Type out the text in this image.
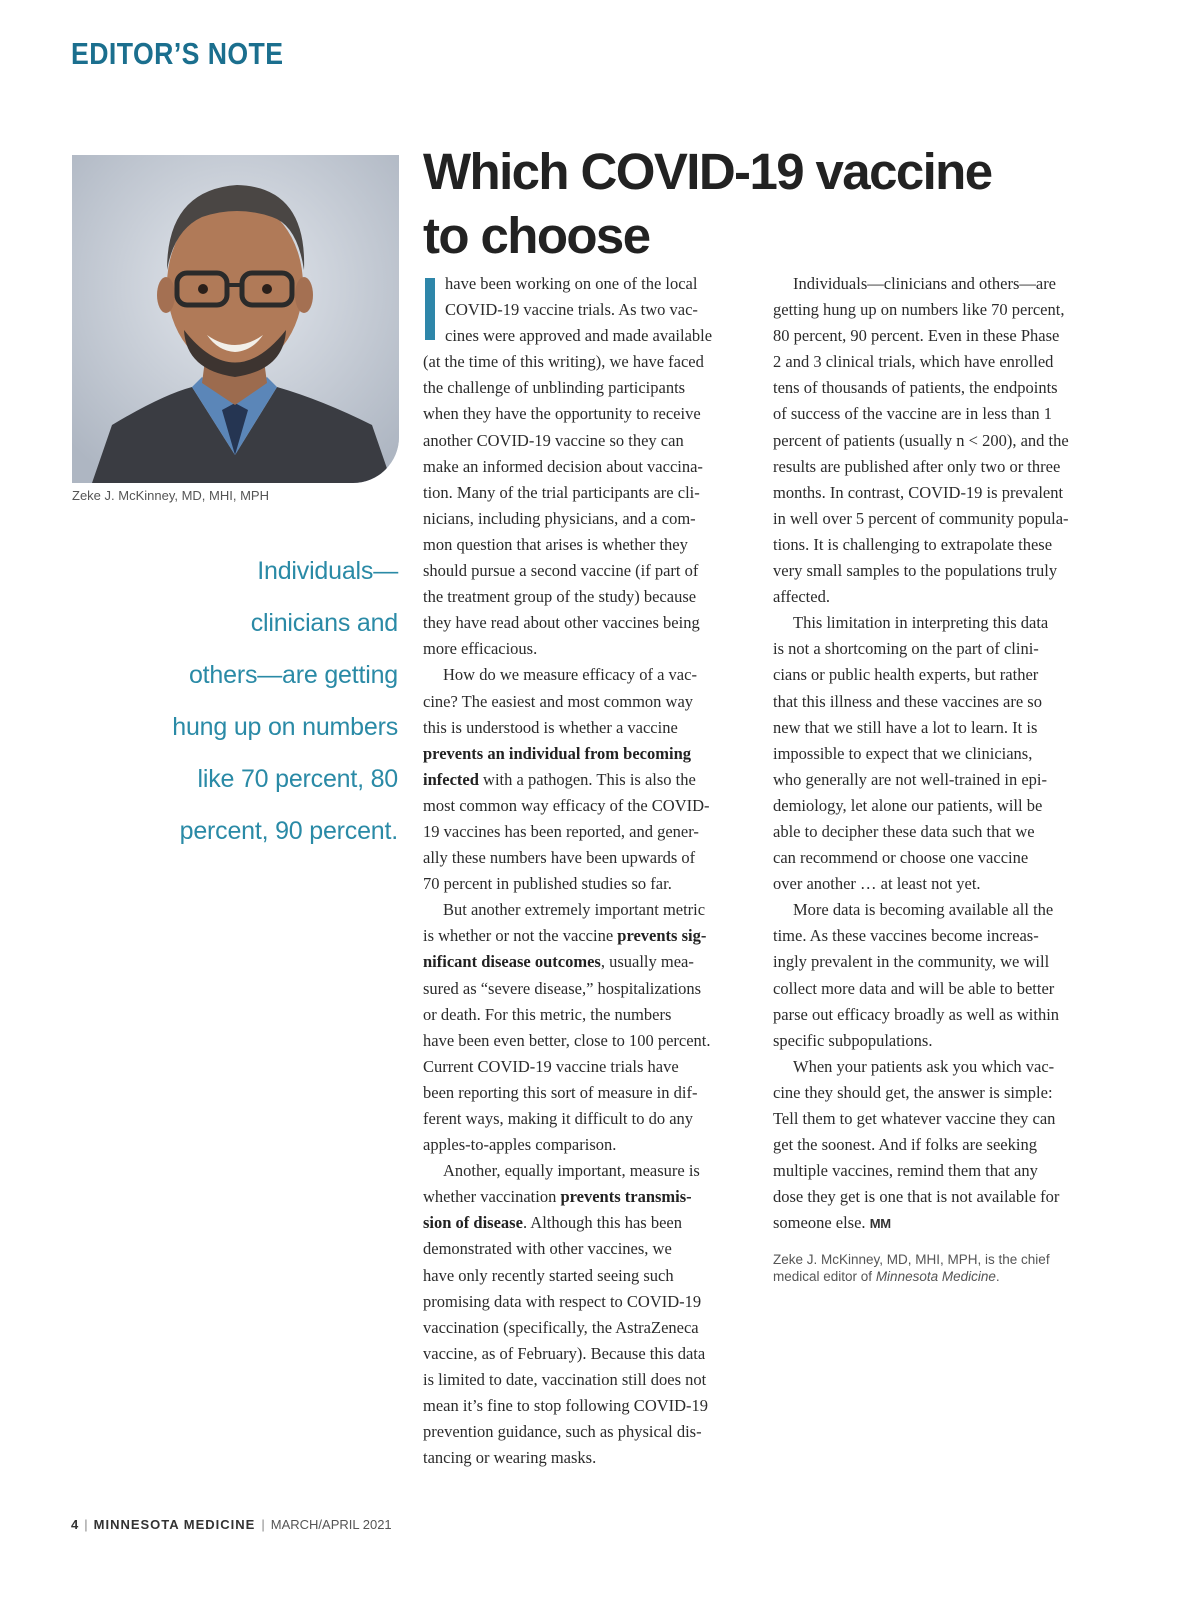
EDITOR’S NOTE
Zeke J. McKinney, MD, MHI, MPH
Individuals—
clinicians and
others—are getting
hung up on numbers
like 70 percent, 80
percent, 90 percent.
Which COVID-19 vaccine
to choose
have been working on one of the local
COVID-19 vaccine trials. As two vac-
cines were approved and made available
(at the time of this writing), we have faced
the challenge of unblinding participants
when they have the opportunity to receive
another COVID-19 vaccine so they can
make an informed decision about vaccina-
tion. Many of the trial participants are cli-
nicians, including physicians, and a com-
mon question that arises is whether they
should pursue a second vaccine (if part of
the treatment group of the study) because
they have read about other vaccines being
more efficacious.
How do we measure efficacy of a vac-
cine? The easiest and most common way
this is understood is whether a vaccine
prevents an individual from becoming
infected with a pathogen. This is also the
most common way efficacy of the COVID-
19 vaccines has been reported, and gener-
ally these numbers have been upwards of
70 percent in published studies so far.
But another extremely important metric
is whether or not the vaccine prevents sig-
nificant disease outcomes, usually mea-
sured as “severe disease,” hospitalizations
or death. For this metric, the numbers
have been even better, close to 100 percent.
Current COVID-19 vaccine trials have
been reporting this sort of measure in dif-
ferent ways, making it difficult to do any
apples-to-apples comparison.
Another, equally important, measure is
whether vaccination prevents transmis-
sion of disease. Although this has been
demonstrated with other vaccines, we
have only recently started seeing such
promising data with respect to COVID-19
vaccination (specifically, the AstraZeneca
vaccine, as of February). Because this data
is limited to date, vaccination still does not
mean it’s fine to stop following COVID-19
prevention guidance, such as physical dis-
tancing or wearing masks.
Individuals—clinicians and others—are
getting hung up on numbers like 70 percent,
80 percent, 90 percent. Even in these Phase
2 and 3 clinical trials, which have enrolled
tens of thousands of patients, the endpoints
of success of the vaccine are in less than 1
percent of patients (usually n < 200), and the
results are published after only two or three
months. In contrast, COVID-19 is prevalent
in well over 5 percent of community popula-
tions. It is challenging to extrapolate these
very small samples to the populations truly
affected.
This limitation in interpreting this data
is not a shortcoming on the part of clini-
cians or public health experts, but rather
that this illness and these vaccines are so
new that we still have a lot to learn. It is
impossible to expect that we clinicians,
who generally are not well-trained in epi-
demiology, let alone our patients, will be
able to decipher these data such that we
can recommend or choose one vaccine
over another … at least not yet.
More data is becoming available all the
time. As these vaccines become increas-
ingly prevalent in the community, we will
collect more data and will be able to better
parse out efficacy broadly as well as within
specific subpopulations.
When your patients ask you which vac-
cine they should get, the answer is simple:
Tell them to get whatever vaccine they can
get the soonest. And if folks are seeking
multiple vaccines, remind them that any
dose they get is one that is not available for
someone else. MM
Zeke J. McKinney, MD, MHI, MPH, is the chief
medical editor of Minnesota Medicine.
4 | MINNESOTA MEDICINE | MARCH/APRIL 2021
